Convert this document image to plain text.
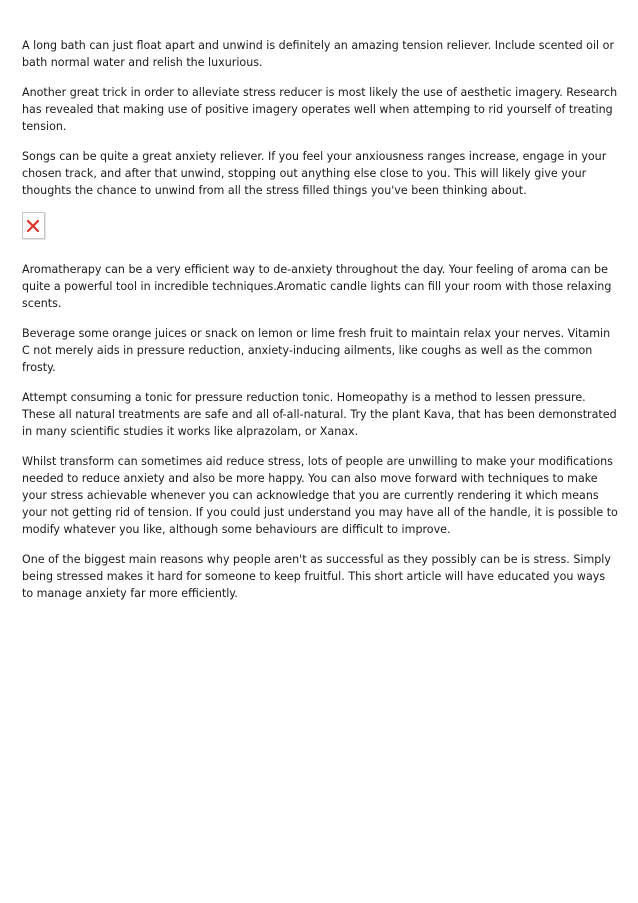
A long bath can just float apart and unwind is definitely an amazing tension reliever. Include scented oil or bath normal water and relish the luxurious.

Another great trick in order to alleviate stress reducer is most likely the use of aesthetic imagery. Research has revealed that making use of positive imagery operates well when attemping to rid yourself of treating tension.

Songs can be quite a great anxiety reliever. If you feel your anxiousness ranges increase, engage in your chosen track, and after that unwind, stopping out anything else close to you. This will likely give your thoughts the chance to unwind from all the stress filled things you've been thinking about.

Aromatherapy can be a very efficient way to de-anxiety throughout the day. Your feeling of aroma can be quite a powerful tool in incredible techniques.Aromatic candle lights can fill your room with those relaxing scents.

Beverage some orange juices or snack on lemon or lime fresh fruit to maintain relax your nerves. Vitamin C not merely aids in pressure reduction, anxiety-inducing ailments, like coughs as well as the common frosty.

Attempt consuming a tonic for pressure reduction tonic. Homeopathy is a method to lessen pressure. These all natural treatments are safe and all of-all-natural. Try the plant Kava, that has been demonstrated in many scientific studies it works like alprazolam, or Xanax.

Whilst transform can sometimes aid reduce stress, lots of people are unwilling to make your modifications needed to reduce anxiety and also be more happy. You can also move forward with techniques to make your stress achievable whenever you can acknowledge that you are currently rendering it which means your not getting rid of tension. If you could just understand you may have all of the handle, it is possible to modify whatever you like, although some behaviours are difficult to improve.

One of the biggest main reasons why people aren't as successful as they possibly can be is stress. Simply being stressed makes it hard for someone to keep fruitful. This short article will have educated you ways to manage anxiety far more efficiently.
